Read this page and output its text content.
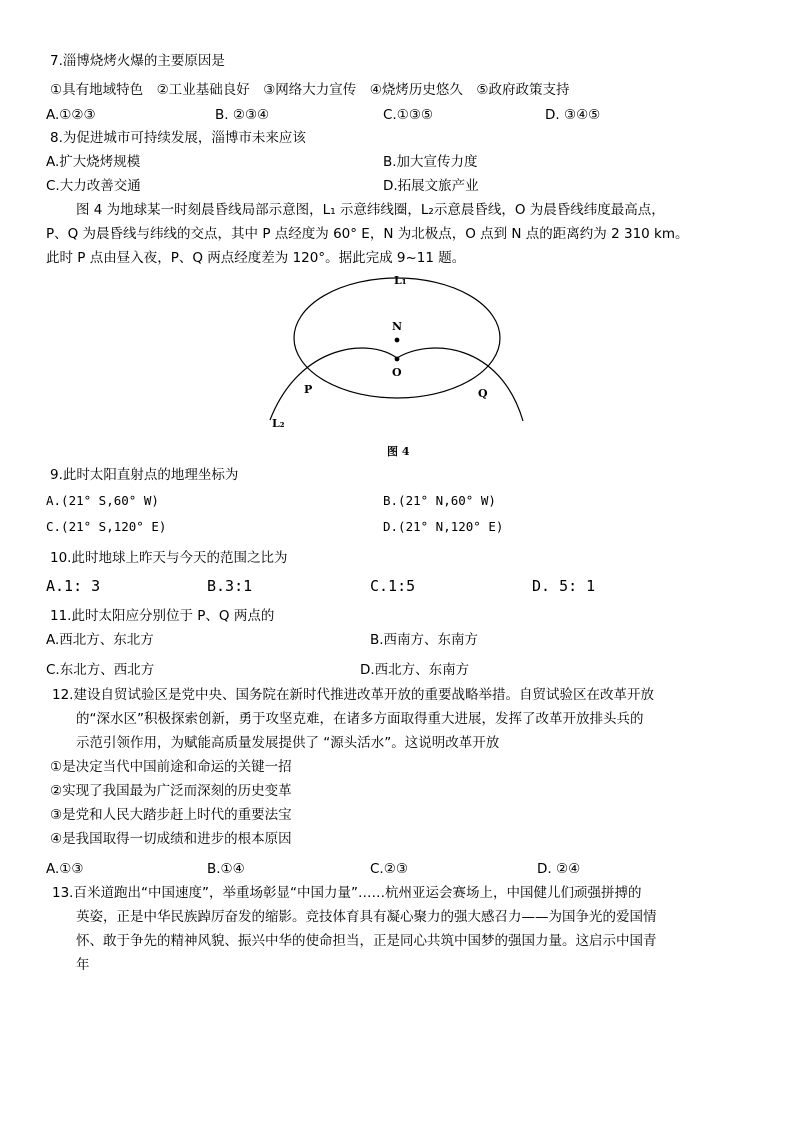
7.淄博烧烤火爆的主要原因是
①具有地域特色　②工业基础良好　③网络大力宣传　④烧烤历史悠久　⑤政府政策支持
A.①②③	B. ②③④	C.①③⑤	D. ③④⑤
8.为促进城市可持续发展，淄博市未来应该
A.扩大烧烤规模	B.加大宣传力度
C.大力改善交通	D.拓展文旅产业
图 4 为地球某一时刻晨昏线局部示意图，L₁ 示意纬线圈，L₂示意晨昏线，O 为晨昏线纬度最高点，
P、Q 为晨昏线与纬线的交点，其中 P 点经度为 60° E，N 为北极点，O 点到 N 点的距离约为 2 310 km。
此时 P 点由昼入夜，P、Q 两点经度差为 120°。据此完成 9~11 题。
L₁
N
O
P	Q
L₂
图 4
9.此时太阳直射点的地理坐标为
A.(21° S,60° W)	B.(21° N,60° W)
C.(21° S,120° E)	D.(21° N,120° E)
10.此时地球上昨天与今天的范围之比为
A.1: 3	B.3:1	C.1:5	D. 5: 1
11.此时太阳应分别位于 P、Q 两点的
A.西北方、东北方	B.西南方、东南方
C.东北方、西北方	D.西北方、东南方
12.建设自贸试验区是党中央、国务院在新时代推进改革开放的重要战略举措。自贸试验区在改革开放
的“深水区”积极探索创新，勇于攻坚克难，在诸多方面取得重大进展，发挥了改革开放排头兵的
示范引领作用，为赋能高质量发展提供了 “源头活水”。这说明改革开放
①是决定当代中国前途和命运的关键一招
②实现了我国最为广泛而深刻的历史变革
③是党和人民大踏步赶上时代的重要法宝
④是我国取得一切成绩和进步的根本原因
A.①③	B.①④	C.②③	D. ②④
13.百米道跑出“中国速度”，举重场彰显“中国力量”……杭州亚运会赛场上，中国健儿们顽强拼搏的
英姿，正是中华民族踔厉奋发的缩影。竞技体育具有凝心聚力的强大感召力——为国争光的爱国情
怀、敢于争先的精神风貌、振兴中华的使命担当，正是同心共筑中国梦的强国力量。这启示中国青
年
